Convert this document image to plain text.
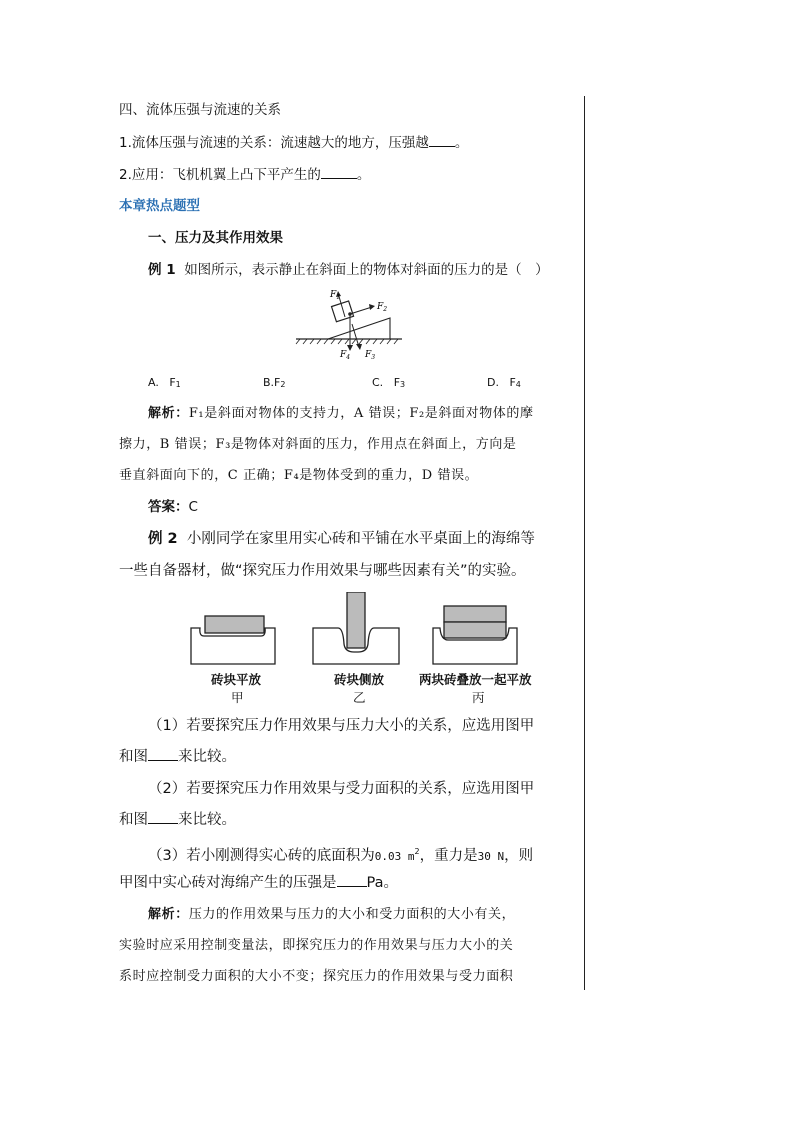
四、流体压强与流速的关系
1.流体压强与流速的关系：流速越大的地方，压强越 。
2.应用：飞机机翼上凸下平产生的	。
本章热点题型
一、压力及其作用效果
例 1 如图所示，表示静止在斜面上的物体对斜面的压力的是（　）
$F_1$
$F_2$
$F_4$ $F_3$
A. F1	B.F2	C. F3	D. F4
解析：F₁是斜面对物体的支持力，A 错误；F₂是斜面对物体的摩
擦力，B 错误；F₃是物体对斜面的压力，作用点在斜面上，方向是
垂直斜面向下的，C 正确；F₄是物体受到的重力，D 错误。
答案：C
例 2 小刚同学在家里用实心砖和平铺在水平桌面上的海绵等
一些自备器材，做“探究压力作用效果与哪些因素有关”的实验。
砖块平放
甲
砖块侧放
乙
两块砖叠放一起平放
丙
（1）若要探究压力作用效果与压力大小的关系，应选用图甲
和图 来比较。
（2）若要探究压力作用效果与受力面积的关系，应选用图甲
和图 来比较。
（3）若小刚测得实心砖的底面积为0.03 $m^2$，重力是30 N，则
甲图中实心砖对海绵产生的压强是 Pa。
解析：压力的作用效果与压力的大小和受力面积的大小有关，
实验时应采用控制变量法，即探究压力的作用效果与压力大小的关
系时应控制受力面积的大小不变；探究压力的作用效果与受力面积
